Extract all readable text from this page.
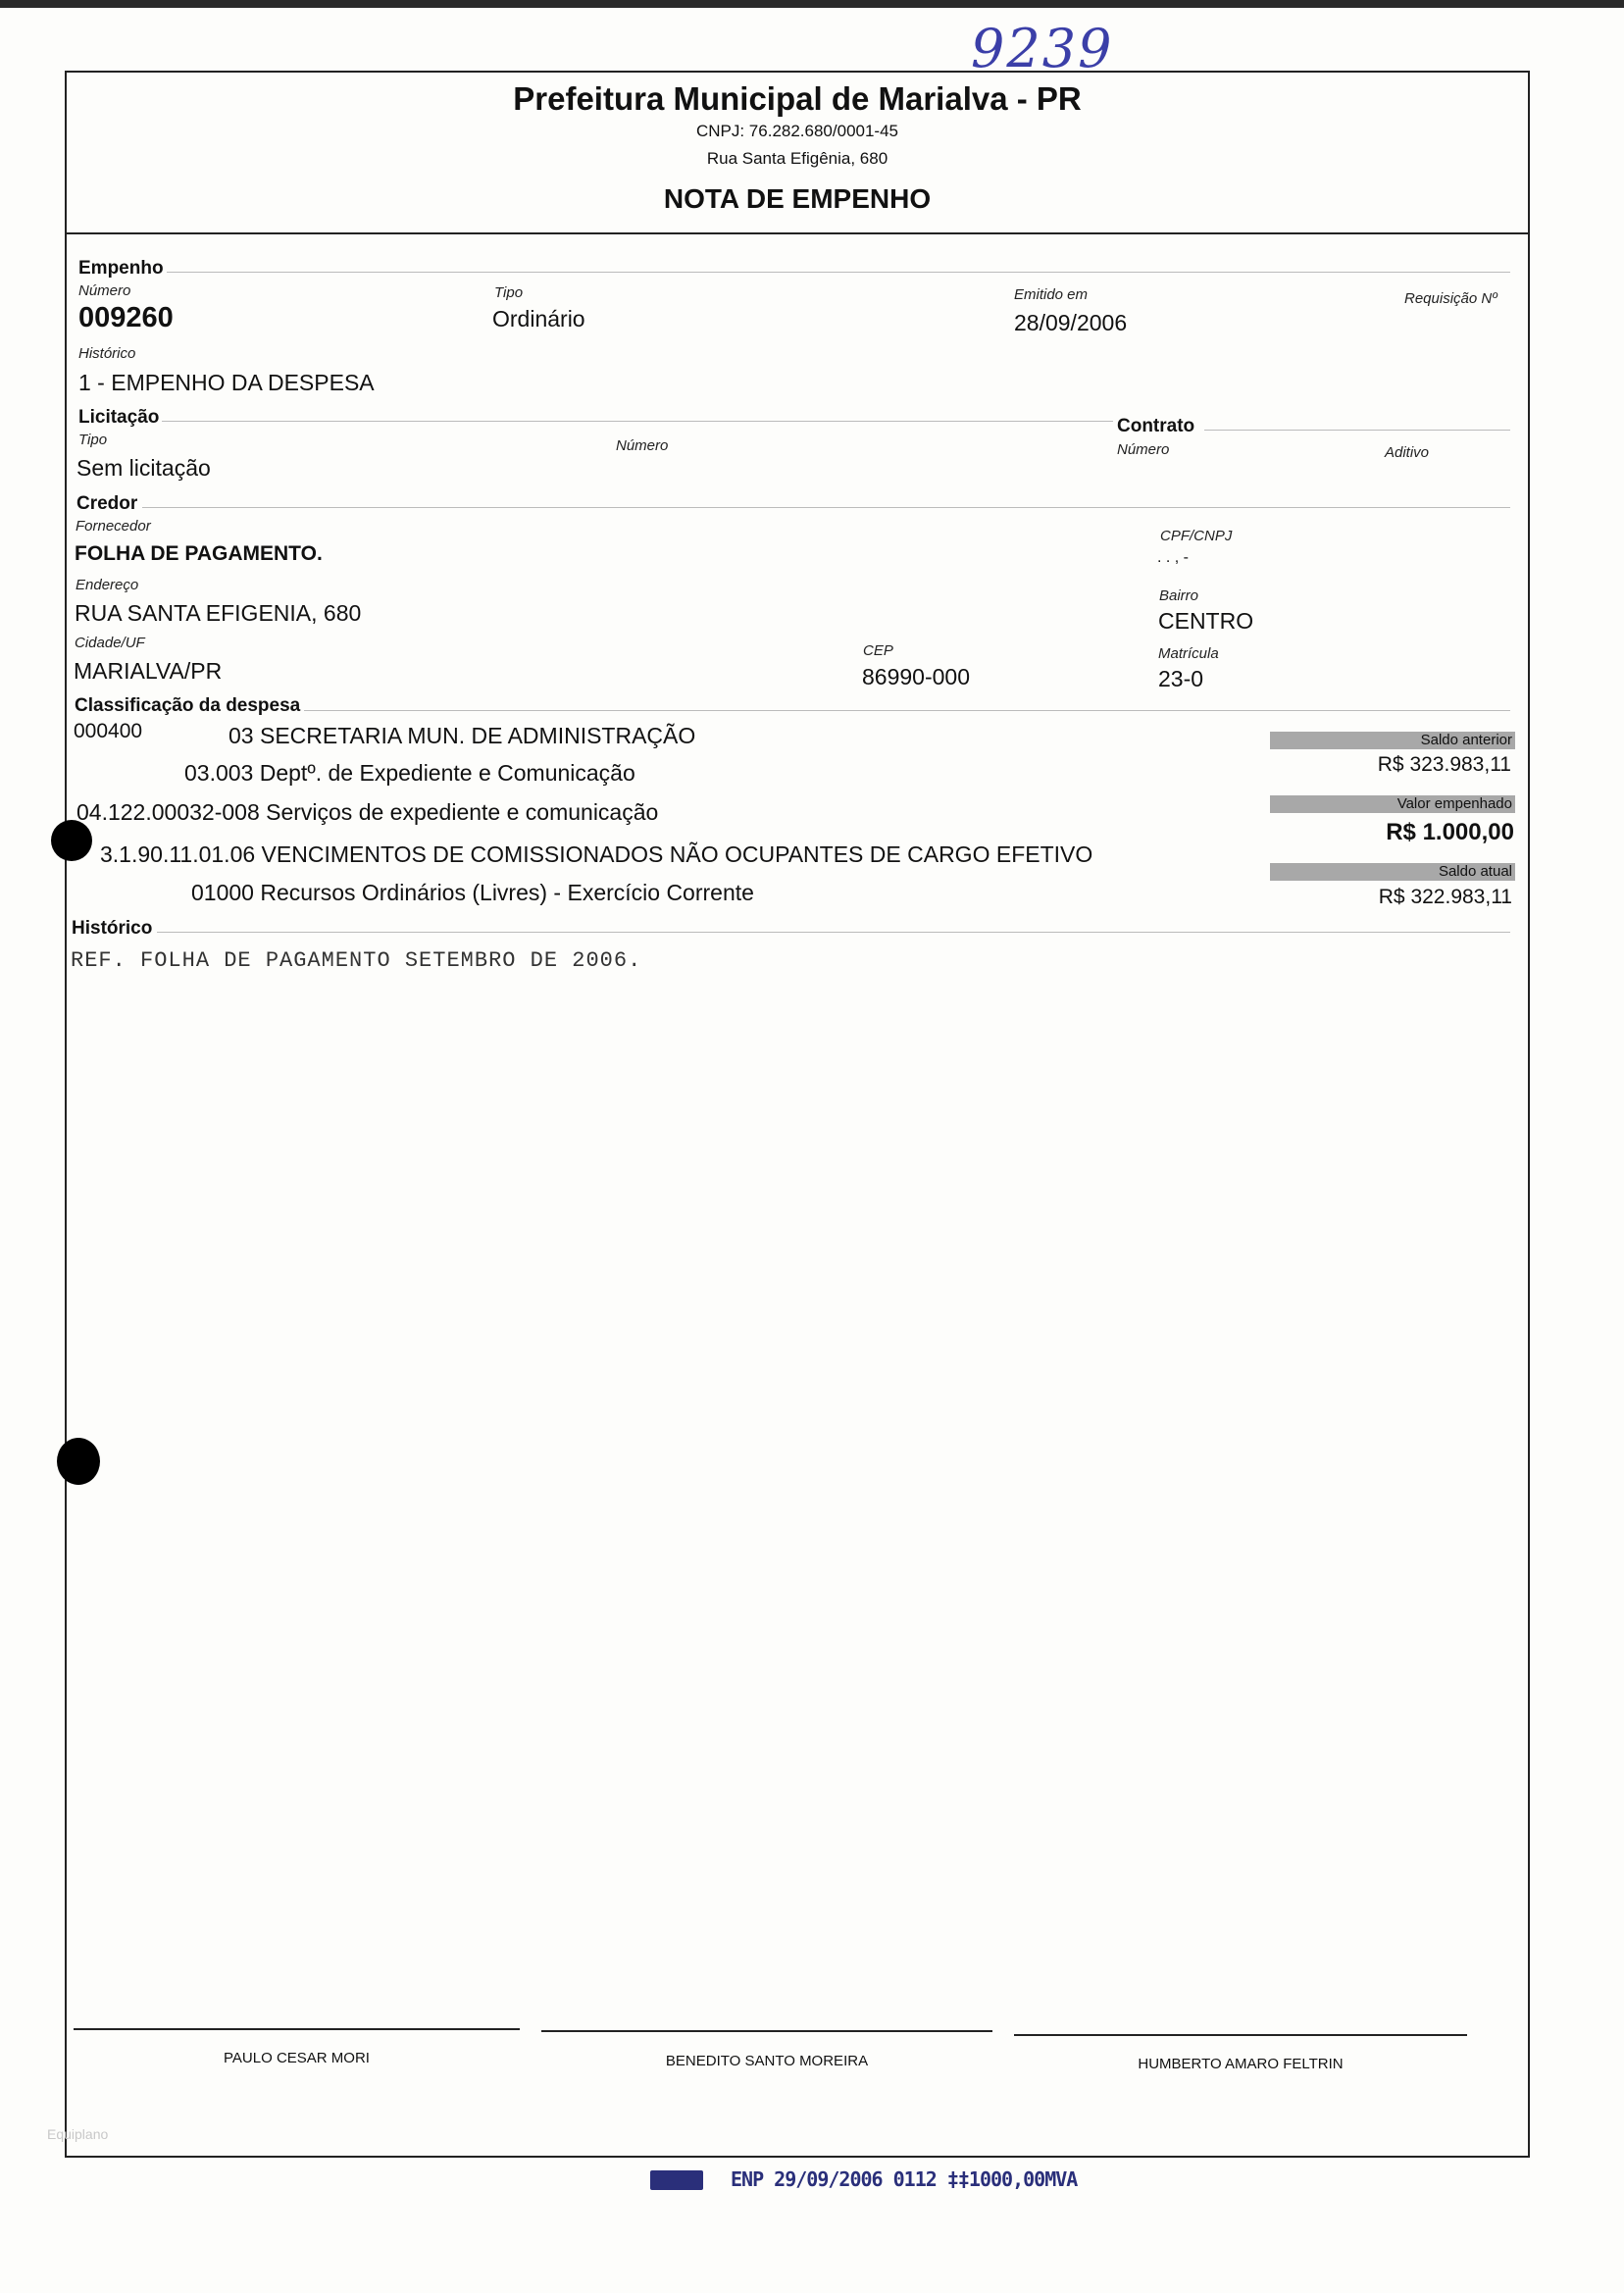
9239
Prefeitura Municipal de Marialva - PR
CNPJ: 76.282.680/0001-45
Rua Santa Efigênia, 680
NOTA DE EMPENHO
Empenho
Número
009260
Tipo
Ordinário
Emitido em
28/09/2006
Requisição Nº
Histórico
1 - EMPENHO DA DESPESA
Licitação
Tipo
Sem licitação
Número
Contrato
Número	Aditivo
Credor
Fornecedor
FOLHA DE PAGAMENTO.
CPF/CNPJ
. . , -
Endereço
RUA SANTA EFIGENIA, 680
Bairro
CENTRO
Cidade/UF
MARIALVA/PR
CEP
86990-000
Matrícula
23-0
Classificação da despesa
000400	03 SECRETARIA MUN. DE ADMINISTRAÇÃO
03.003 Deptº. de Expediente e Comunicação
04.122.00032-008 Serviços de expediente e comunicação
3.1.90.11.01.06 VENCIMENTOS DE COMISSIONADOS NÃO OCUPANTES DE CARGO EFETIVO
01000 Recursos Ordinários (Livres) - Exercício Corrente
Saldo anterior
R$ 323.983,11
Valor empenhado
R$ 1.000,00
Saldo atual
R$ 322.983,11
Histórico
REF. FOLHA DE PAGAMENTO SETEMBRO DE 2006.
PAULO CESAR MORI	BENEDITO SANTO MOREIRA	HUMBERTO AMARO FELTRIN
Equiplano
ENP 29/09/2006 0112 ‡‡1000,00MVA
